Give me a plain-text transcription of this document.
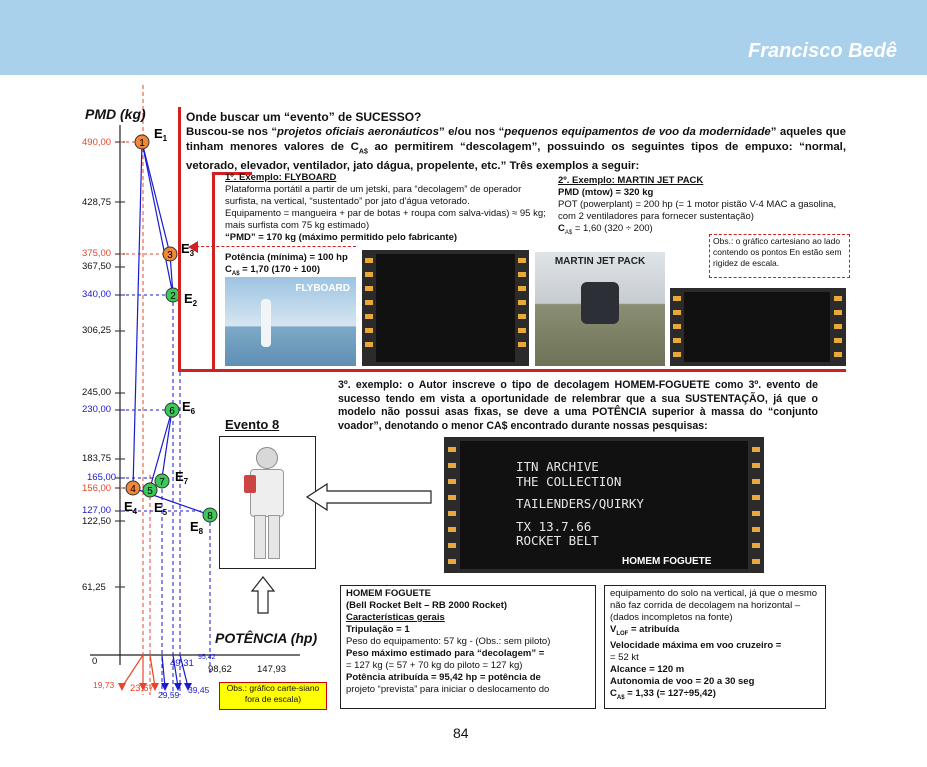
Francisco Bedê
1
2
3
4 5
6
7
8
$E_1$
$E_2$
$E_3$
$E_4$ $E_5$
$E_6$
$E_7$
$E_8$
PMD (kg)
POTÊNCIA (hp)
490,00
428,75
375,00
367,50
340,00
306,25
245,00
230,00
183,75
165,00
156,00
127,00
122,50
61,25
0
98,62	147,93
19,73 23,67
29,59 39,45
49,31
95,42
Obs.: gráfico carte-siano fora de escala)
Onde buscar um “evento” de SUCESSO?
Buscou-se nos “projetos oficiais aeronáuticos” e/ou nos “pequenos equipamentos de voo da modernidade” aqueles que tinham menores valores de $C_{A\$}$ ao permitirem “descolagem”, possuindo os seguintes tipos de empuxo: “normal, vetorado, elevador, ventilador, jato dágua, propelente, etc.” Três exemplos a seguir:
1º. Exemplo: FLYBOARD
Plataforma portátil a partir de um jetski, para “decolagem” de operador surfista, na vertical, “sustentado” por jato d'água vetorado.
Equipamento = mangueira + par de botas + roupa com salva-vidas) ≈ 95 kg; mais surfista com 75 kg estimado)
“PMD” = 170 kg (máximo permitido pelo fabricante)
Potência (mínima) = 100 hp
$C_{A\$} = 1,70$ (170 ÷ 100)
FLYBOARD
MARTIN JET PACK
2º. Exemplo: MARTIN JET PACK
PMD (mtow) = 320 kg
POT (powerplant) = 200 hp (= 1 motor pistão V-4 MAC a gasolina, com 2 ventiladores para fornecer sustentação)
$C_{A\$} = 1,60$ (320 ÷ 200)
Obs.: o gráfico cartesiano ao lado contendo os pontos En estão sem rigidez de escala.
3º. exemplo: o Autor inscreve o tipo de decolagem HOMEM-FOGUETE como 3º. evento de sucesso tendo em vista a oportunidade de relembrar que a sua SUSTENTAÇÃO, já que o modelo não possui asas fixas, se deve a uma POTÊNCIA superior à massa do “conjunto voador”, denotando o menor CA$ encontrado durante nossas pesquisas:
Evento 8
ITN ARCHIVE
THE COLLECTION
TAILENDERS/QUIRKY
TX 13.7.66
ROCKET BELT
HOMEM FOGUETE
HOMEM FOGUETE
(Bell Rocket Belt – RB 2000 Rocket)
Características gerais
Tripulação = 1
Peso do equipamento: 57 kg - (Obs.: sem piloto)
Peso máximo estimado para “decolagem” =
= 127 kg (= 57 + 70 kg do piloto = 127 kg)
Potência atribuída = 95,42 hp = potência de
projeto “prevista” para iniciar o deslocamento do
equipamento do solo na vertical, já que o mesmo não faz corrida de decolagem na horizontal – (dados incompletos na fonte)
$V_{LOF}$ = atribuída
Velocidade máxima em voo cruzeiro =
= 52 kt
Alcance = 120 m
Autonomia de voo = 20 a 30 seg
$C_{A\$} = 1,33$ (= 127÷95,42)
84
